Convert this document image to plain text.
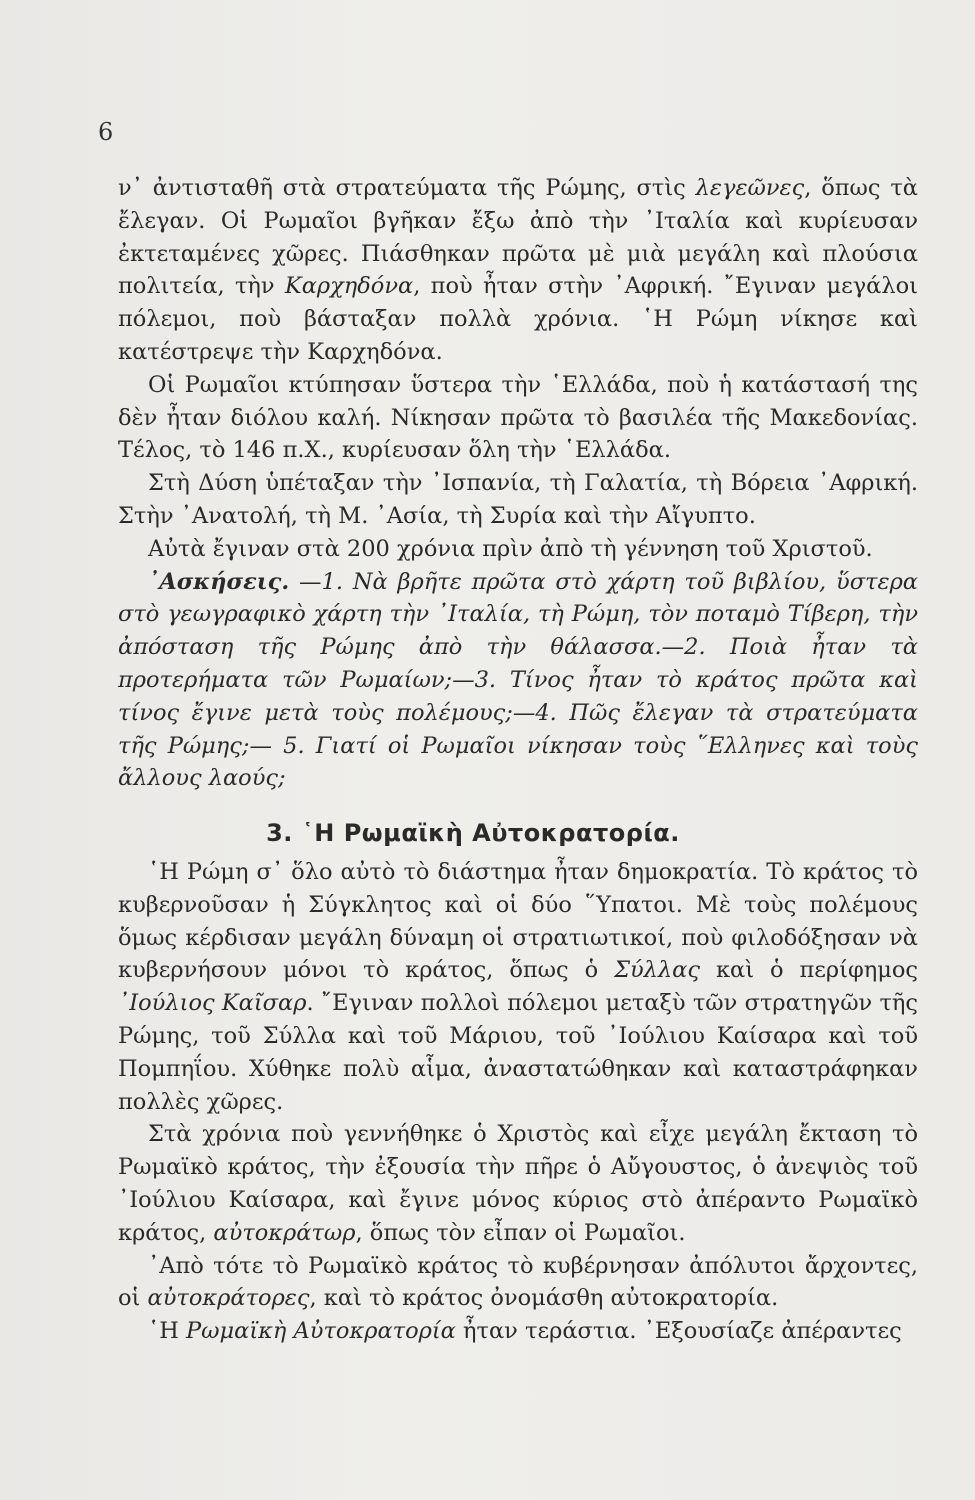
6

ν᾽ ἀντισταθῆ στὰ στρατεύματα τῆς Ρώμης, στὶς λεγεῶνες, ὅπως τὰ ἔλεγαν. Οἱ Ρωμαῖοι βγῆκαν ἔξω ἀπὸ τὴν ᾽Ιταλία καὶ κυρίευσαν ἐκτεταμένες χῶρες. Πιάσθηκαν πρῶτα μὲ μιὰ μεγάλη καὶ πλούσια πολιτεία, τὴν Καρχηδόνα, ποὺ ἦταν στὴν ᾽Αφρική. ῎Εγιναν μεγάλοι πόλεμοι, ποὺ βάσταξαν πολλὰ χρόνια. ῾Η Ρώμη νίκησε καὶ κατέστρεψε τὴν Καρχηδόνα.

Οἱ Ρωμαῖοι κτύπησαν ὕστερα τὴν ῾Ελλάδα, ποὺ ἡ κατάστασή της δὲν ἦταν διόλου καλή. Νίκησαν πρῶτα τὸ βασιλέα τῆς Μακεδονίας. Τέλος, τὸ 146 π.Χ., κυρίευσαν ὅλη τὴν ῾Ελλάδα.

Στὴ Δύση ὑπέταξαν τὴν ᾽Ισπανία, τὴ Γαλατία, τὴ Βόρεια ᾽Αφρική. Στὴν ᾽Ανατολή, τὴ Μ. ᾽Ασία, τὴ Συρία καὶ τὴν Αἴγυπτο.

Αὐτὰ ἔγιναν στὰ 200 χρόνια πρὶν ἀπὸ τὴ γέννηση τοῦ Χριστοῦ.

᾽Ασκήσεις. —1. Νὰ βρῆτε πρῶτα στὸ χάρτη τοῦ βιβλίου, ὕστερα στὸ γεωγραφικὸ χάρτη τὴν ᾽Ιταλία, τὴ Ρώμη, τὸν ποταμὸ Τίβερη, τὴν ἀπόσταση τῆς Ρώμης ἀπὸ τὴν θάλασσα.—2. Ποιὰ ἦταν τὰ προτερήματα τῶν Ρωμαίων;—3. Τίνος ἦταν τὸ κράτος πρῶτα καὶ τίνος ἔγινε μετὰ τοὺς πολέμους;—4. Πῶς ἔλεγαν τὰ στρατεύματα τῆς Ρώμης;— 5. Γιατί οἱ Ρωμαῖοι νίκησαν τοὺς ῞Ελληνες καὶ τοὺς ἄλλους λαούς;

3. ῾Η Ρωμαϊκὴ Αὐτοκρατορία.

῾Η Ρώμη σ᾽ ὅλο αὐτὸ τὸ διάστημα ἦταν δημοκρατία. Τὸ κράτος τὸ κυβερνοῦσαν ἡ Σύγκλητος καὶ οἱ δύο ῞Υπατοι. Μὲ τοὺς πολέμους ὅμως κέρδισαν μεγάλη δύναμη οἱ στρατιωτικοί, ποὺ φιλοδόξησαν νὰ κυβερνήσουν μόνοι τὸ κράτος, ὅπως ὁ Σύλλας καὶ ὁ περίφημος ᾽Ιούλιος Καῖσαρ. ῎Εγιναν πολλοὶ πόλεμοι μεταξὺ τῶν στρατηγῶν τῆς Ρώμης, τοῦ Σύλλα καὶ τοῦ Μάριου, τοῦ ᾽Ιούλιου Καίσαρα καὶ τοῦ Πομπηΐου. Χύθηκε πολὺ αἷμα, ἀναστατώθηκαν καὶ καταστράφηκαν πολλὲς χῶρες.

Στὰ χρόνια ποὺ γεννήθηκε ὁ Χριστὸς καὶ εἶχε μεγάλη ἔκταση τὸ Ρωμαϊκὸ κράτος, τὴν ἐξουσία τὴν πῆρε ὁ Αὔγουστος, ὁ ἀνεψιὸς τοῦ ᾽Ιούλιου Καίσαρα, καὶ ἔγινε μόνος κύριος στὸ ἀπέραντο Ρωμαϊκὸ κράτος, αὐτοκράτωρ, ὅπως τὸν εἶπαν οἱ Ρωμαῖοι.

᾽Απὸ τότε τὸ Ρωμαϊκὸ κράτος τὸ κυβέρνησαν ἀπόλυτοι ἄρχοντες, οἱ αὐτοκράτορες, καὶ τὸ κράτος ὀνομάσθη αὐτοκρατορία.

῾Η Ρωμαϊκὴ Αὐτοκρατορία ἦταν τεράστια. ᾽Εξουσίαζε ἀπέραντες
